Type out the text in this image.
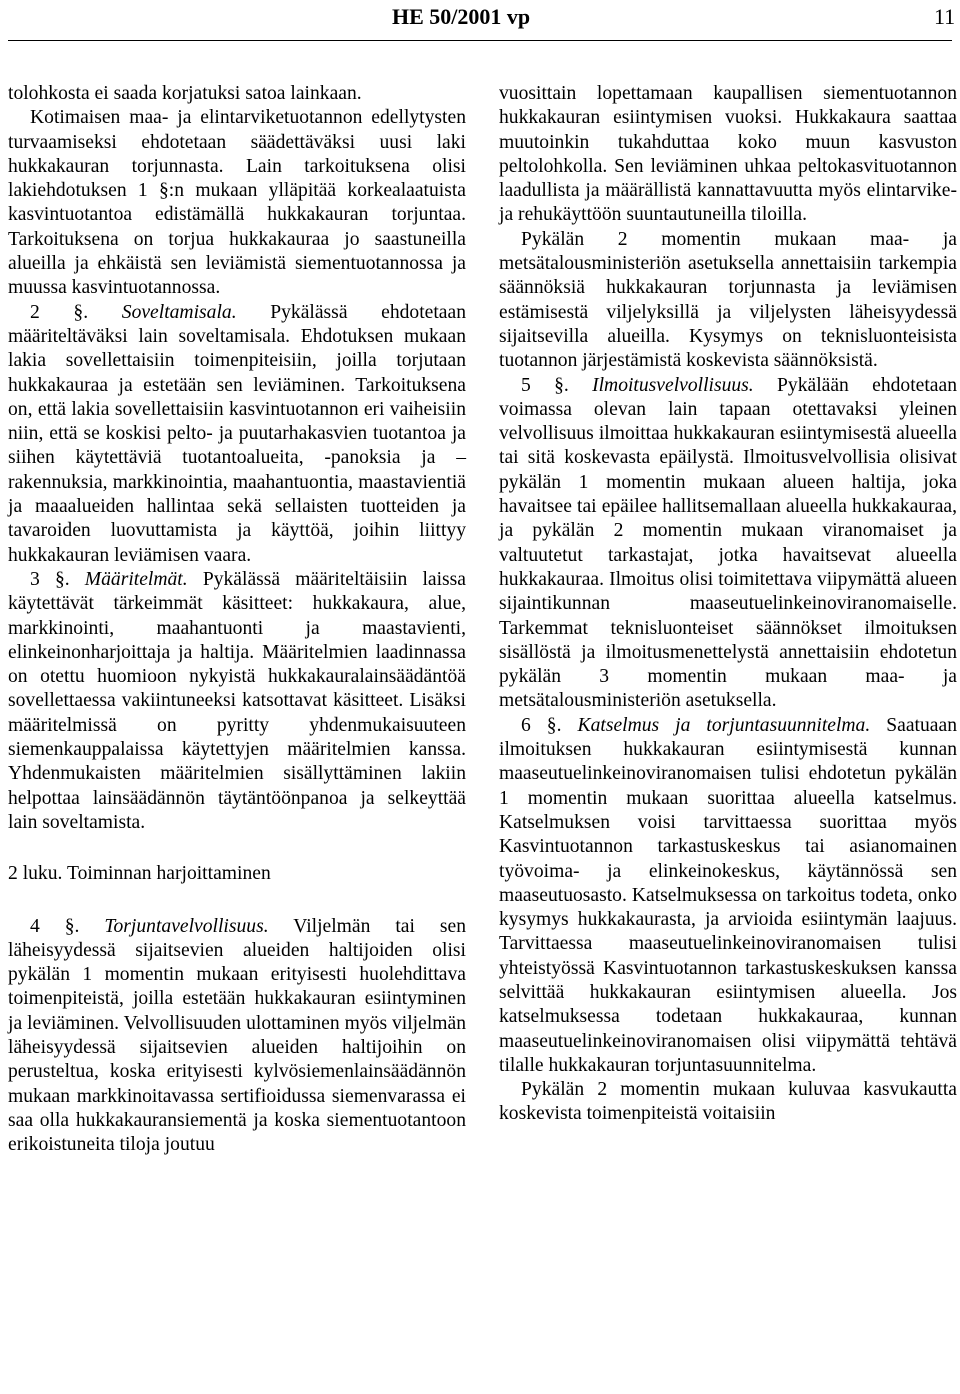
HE 50/2001 vp	11

tolohkosta ei saada korjatuksi satoa lainkaan.

Kotimaisen maa- ja elintarviketuotannon edellytysten turvaamiseksi ehdotetaan säädettäväksi uusi laki hukkakauran torjunnasta. Lain tarkoituksena olisi lakiehdotuksen 1 §:n mukaan ylläpitää korkealaatuista kasvintuotantoa edistämällä hukkakauran torjuntaa. Tarkoituksena on torjua hukkakauraa jo saastuneilla alueilla ja ehkäistä sen leviämistä siementuotannossa ja muussa kasvintuotannossa.

2 §. Soveltamisala. Pykälässä ehdotetaan määriteltäväksi lain soveltamisala. Ehdotuksen mukaan lakia sovellettaisiin toimenpiteisiin, joilla torjutaan hukkakauraa ja estetään sen leviäminen. Tarkoituksena on, että lakia sovellettaisiin kasvintuotannon eri vaiheisiin niin, että se koskisi pelto- ja puutarhakasvien tuotantoa ja siihen käytettäviä tuotantoalueita, -panoksia ja –rakennuksia, markkinointia, maahantuontia, maastavientiä ja maaalueiden hallintaa sekä sellaisten tuotteiden ja tavaroiden luovuttamista ja käyttöä, joihin liittyy hukkakauran leviämisen vaara.

3 §. Määritelmät. Pykälässä määriteltäisiin laissa käytettävät tärkeimmät käsitteet: hukkakaura, alue, markkinointi, maahantuonti ja maastavienti, elinkeinonharjoittaja ja haltija. Määritelmien laadinnassa on otettu huomioon nykyistä hukkakauralainsäädäntöä sovellettaessa vakiintuneeksi katsottavat käsitteet. Lisäksi määritelmissä on pyritty yhdenmukaisuuteen siemenkauppalaissa käytettyjen määritelmien kanssa. Yhdenmukaisten määritelmien sisällyttäminen lakiin helpottaa lainsäädännön täytäntöönpanoa ja selkeyttää lain soveltamista.

2 luku. Toiminnan harjoittaminen

4 §. Torjuntavelvollisuus. Viljelmän tai sen läheisyydessä sijaitsevien alueiden haltijoiden olisi pykälän 1 momentin mukaan erityisesti huolehdittava toimenpiteistä, joilla estetään hukkakauran esiintyminen ja leviäminen. Velvollisuuden ulottaminen myös viljelmän läheisyydessä sijaitsevien alueiden haltijoihin on perusteltua, koska erityisesti kylvösiemenlainsäädännön mukaan markkinoitavassa sertifioidussa siemenvarassa ei saa olla hukkakauransiementä ja koska siementuotantoon erikoistuneita tiloja joutuu

vuosittain lopettamaan kaupallisen siementuotannon hukkakauran esiintymisen vuoksi. Hukkakaura saattaa muutoinkin tukahduttaa koko muun kasvuston peltolohkolla. Sen leviäminen uhkaa peltokasvituotannon laadullista ja määrällistä kannattavuutta myös elintarvike- ja rehukäyttöön suuntautuneilla tiloilla.

Pykälän 2 momentin mukaan maa- ja metsätalousministeriön asetuksella annettaisiin tarkempia säännöksiä hukkakauran torjunnasta ja leviämisen estämisestä viljelyksillä ja viljelysten läheisyydessä sijaitsevilla alueilla. Kysymys on teknisluonteisista tuotannon järjestämistä koskevista säännöksistä.

5 §. Ilmoitusvelvollisuus. Pykälään ehdotetaan voimassa olevan lain tapaan otettavaksi yleinen velvollisuus ilmoittaa hukkakauran esiintymisestä alueella tai sitä koskevasta epäilystä. Ilmoitusvelvollisia olisivat pykälän 1 momentin mukaan alueen haltija, joka havaitsee tai epäilee hallitsemallaan alueella hukkakauraa, ja pykälän 2 momentin mukaan viranomaiset ja valtuutetut tarkastajat, jotka havaitsevat alueella hukkakauraa. Ilmoitus olisi toimitettava viipymättä alueen sijaintikunnan maaseutuelinkeinoviranomaiselle. Tarkemmat teknisluonteiset säännökset ilmoituksen sisällöstä ja ilmoitusmenettelystä annettaisiin ehdotetun pykälän 3 momentin mukaan maa- ja metsätalousministeriön asetuksella.

6 §. Katselmus ja torjuntasuunnitelma. Saatuaan ilmoituksen hukkakauran esiintymisestä kunnan maaseutuelinkeinoviranomaisen tulisi ehdotetun pykälän 1 momentin mukaan suorittaa alueella katselmus. Katselmuksen voisi tarvittaessa suorittaa myös Kasvintuotannon tarkastuskeskus tai asianomainen työvoima- ja elinkeinokeskus, käytännössä sen maaseutuosasto. Katselmuksessa on tarkoitus todeta, onko kysymys hukkakaurasta, ja arvioida esiintymän laajuus. Tarvittaessa maaseutuelinkeinoviranomaisen tulisi yhteistyössä Kasvintuotannon tarkastuskeskuksen kanssa selvittää hukkakauran esiintymisen alueella. Jos katselmuksessa todetaan hukkakauraa, kunnan maaseutuelinkeinoviranomaisen olisi viipymättä tehtävä tilalle hukkakauran torjuntasuunnitelma.

Pykälän 2 momentin mukaan kuluvaa kasvukautta koskevista toimenpiteistä voitaisiin
